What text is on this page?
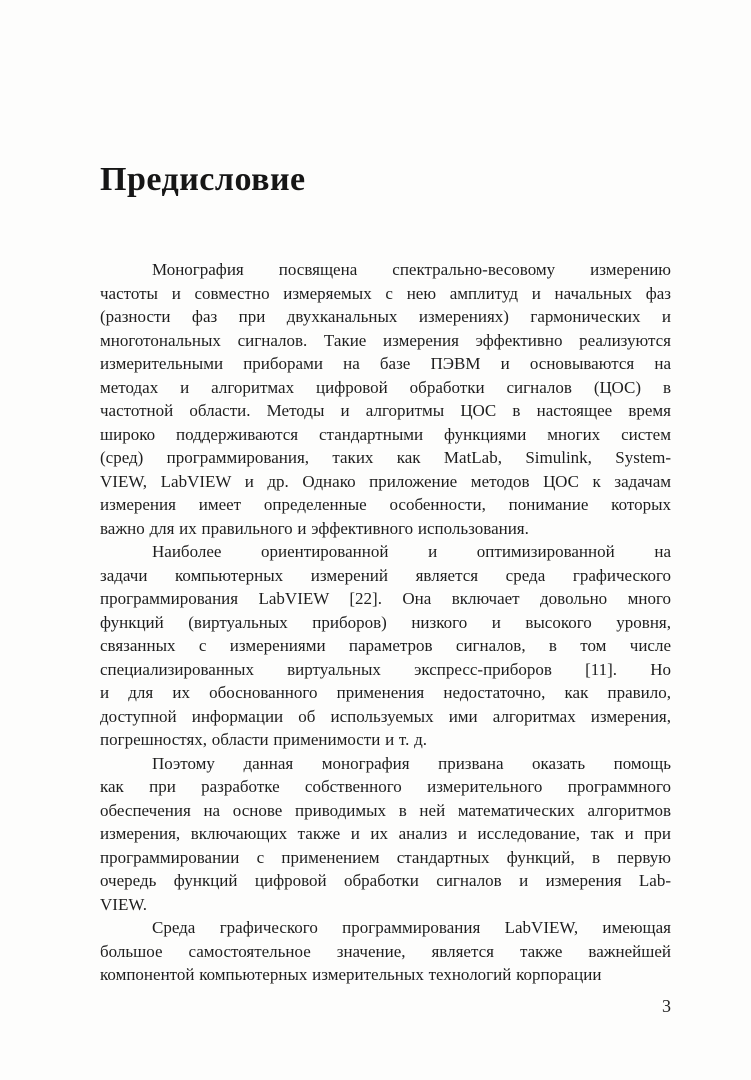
Предисловие
Монография посвящена спектрально-весовому измерению
частоты и совместно измеряемых с нею амплитуд и начальных фаз
(разности фаз при двухканальных измерениях) гармонических и
многотональных сигналов. Такие измерения эффективно реализуются
измерительными приборами на базе ПЭВМ и основываются на
методах и алгоритмах цифровой обработки сигналов (ЦОС) в
частотной области. Методы и алгоритмы ЦОС в настоящее время
широко поддерживаются стандартными функциями многих систем
(сред) программирования, таких как MatLab, Simulink, System-
VIEW, LabVIEW и др. Однако приложение методов ЦОС к задачам
измерения имеет определенные особенности, понимание которых
важно для их правильного и эффективного использования.
Наиболее ориентированной и оптимизированной на
задачи компьютерных измерений является среда графического
программирования LabVIEW [22]. Она включает довольно много
функций (виртуальных приборов) низкого и высокого уровня,
связанных с измерениями параметров сигналов, в том числе
специализированных виртуальных экспресс-приборов [11]. Но
и для их обоснованного применения недостаточно, как правило,
доступной информации об используемых ими алгоритмах измерения,
погрешностях, области применимости и т. д.
Поэтому данная монография призвана оказать помощь
как при разработке собственного измерительного программного
обеспечения на основе приводимых в ней математических алгоритмов
измерения, включающих также и их анализ и исследование, так и при
программировании с применением стандартных функций, в первую
очередь функций цифровой обработки сигналов и измерения Lab-
VIEW.
Среда графического программирования LabVIEW, имеющая
большое самостоятельное значение, является также важнейшей
компонентой компьютерных измерительных технологий корпорации
3
